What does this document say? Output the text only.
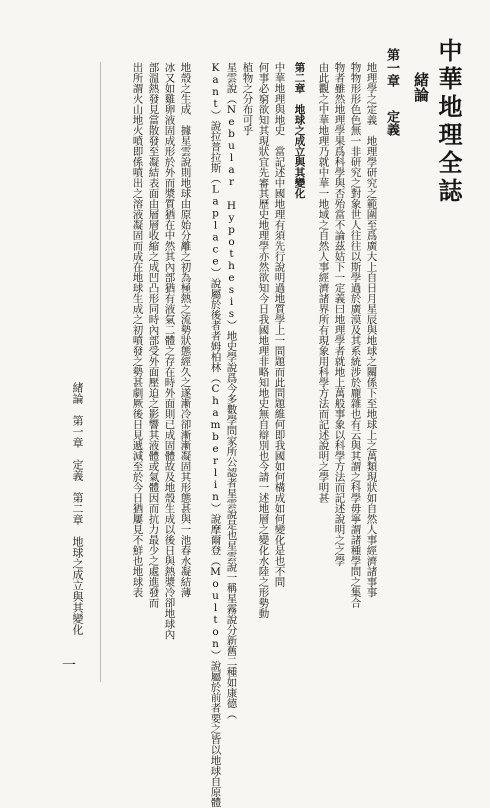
中華地理全誌
緒論
第一章
定義
地理學之定義　地理學研究之範圍至爲廣大上自日月星辰與地球之關係下至地球上之萬類現狀如自然人事經濟諸事事
物物形形色色無一非研究之對象世人往往以斯學過於廣漠及其系統涉於龐雜也有云與其謂之科學毋寧謂諸種學問之集合
物者雖然地理學果爲科學與否殆當不論茲姑下一定義曰地理學者就地上萬般事象以科學方法而記述說明之之學
由此觀之中華地理乃就中華一地域之自然人事經濟諸界所有現象用科學方法而記述說明之學明甚
第二章　地球之成立與其變化
中華地理與地史　當記述中國地理有須先行說明過地質學上一問題而此問題維何即我國如何構成如何變化是也不問
何事必窮欲知其現狀宜先審其歷史地理學亦然欲知今日我國地理非略知地史無自辯別也今請一述地層之變化水陸之形勢動
植物之分布可乎
星雲說（Nebular Hypothesis）地史學說爲今多數學問家所公認者星雲說是也星雲說一稱星霧說分新舊二種如康德（
Kant）說拉普拉斯（Laplace）說屬於後者者姆柏林（Chamberlin）說摩爾登（Moulton）說屬於前者要之皆以地球自原體
地殼之生成　據星雲說則地球由原始分離之初為極熱之流勢狀態經久之遂漸冷卻漸漸凝固其形態甚與一池春水凝結薄
冰又如雞卵液固成形於外而漿質猶在中然其內部猶有液氣二體之存在時外面則已成固體故及地殼生成以後日與熱漿冷卻地球內
部溫熱發見當散發至凝結表面由層層收縮之成凹凸形同時內部受外面壓迫之影響其液體或氣體因而抗力最少之處進發而
出所謂火山地火噴即係噴出之溶液凝固而成在地球生成之初噴發之勢甚劇厥後日見遞減至於今日猶屢見不鮮也地球表
緒論　第一章　定義　第二章　地球之成立與其變化
一
